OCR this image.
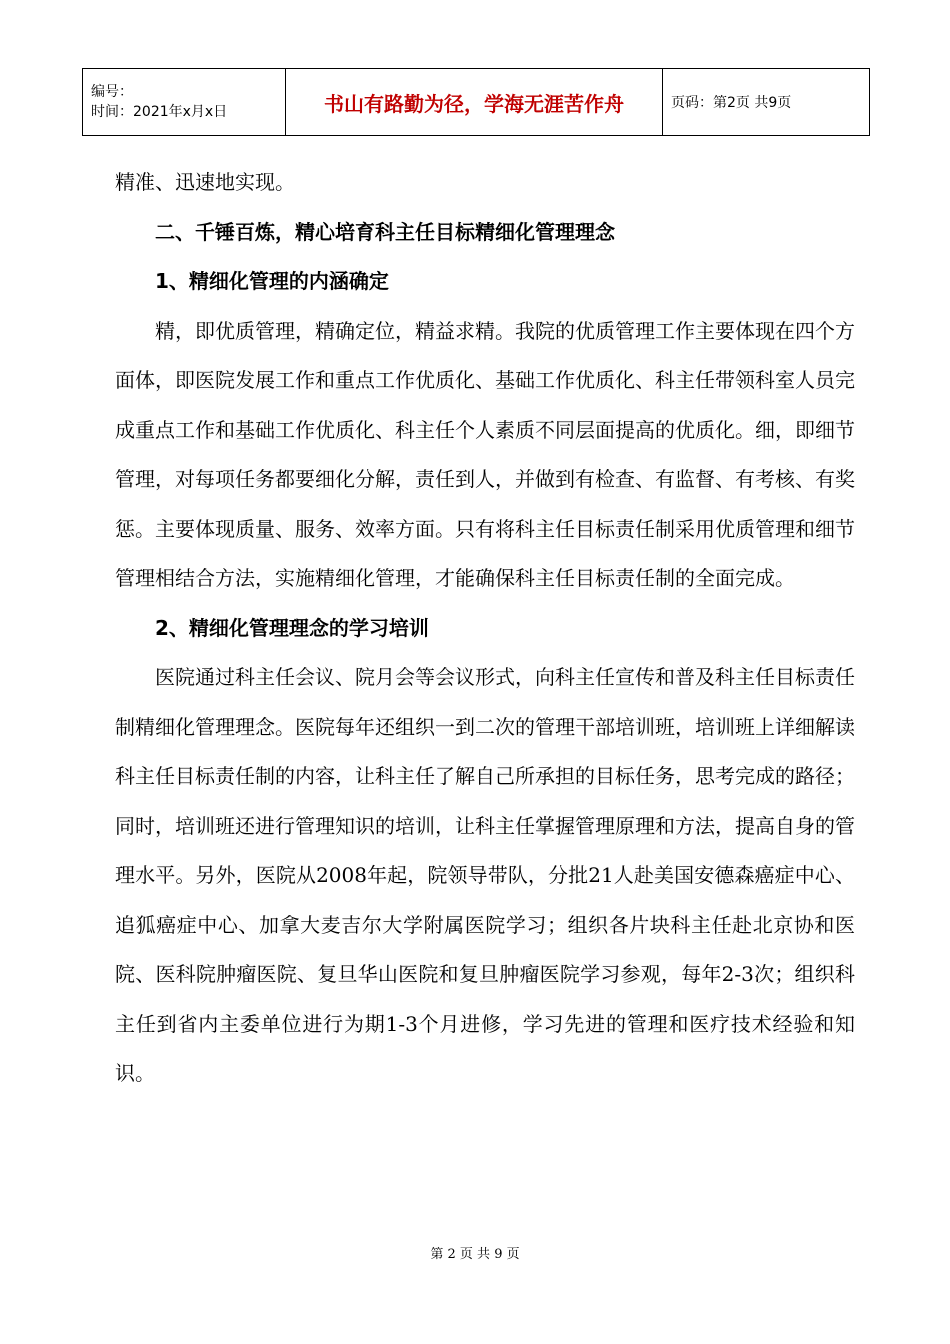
编号：
时间：2021年x月x日	书山有路勤为径，学海无涯苦作舟	页码：第2页 共9页

精准、迅速地实现。

二、千锤百炼，精心培育科主任目标精细化管理理念

1、精细化管理的内涵确定

精，即优质管理，精确定位，精益求精。我院的优质管理工作主要体现在四个方面体，即医院发展工作和重点工作优质化、基础工作优质化、科主任带领科室人员完成重点工作和基础工作优质化、科主任个人素质不同层面提高的优质化。细，即细节管理，对每项任务都要细化分解，责任到人，并做到有检查、有监督、有考核、有奖惩。主要体现质量、服务、效率方面。只有将科主任目标责任制采用优质管理和细节管理相结合方法，实施精细化管理，才能确保科主任目标责任制的全面完成。

2、精细化管理理念的学习培训

医院通过科主任会议、院月会等会议形式，向科主任宣传和普及科主任目标责任制精细化管理理念。医院每年还组织一到二次的管理干部培训班，培训班上详细解读科主任目标责任制的内容，让科主任了解自己所承担的目标任务，思考完成的路径；同时，培训班还进行管理知识的培训，让科主任掌握管理原理和方法，提高自身的管理水平。另外，医院从2008年起，院领导带队，分批21人赴美国安德森癌症中心、追狐癌症中心、加拿大麦吉尔大学附属医院学习；组织各片块科主任赴北京协和医院、医科院肿瘤医院、复旦华山医院和复旦肿瘤医院学习参观，每年2-3次；组织科主任到省内主委单位进行为期1-3个月进修，学习先进的管理和医疗技术经验和知识。

第 2 页 共 9 页
